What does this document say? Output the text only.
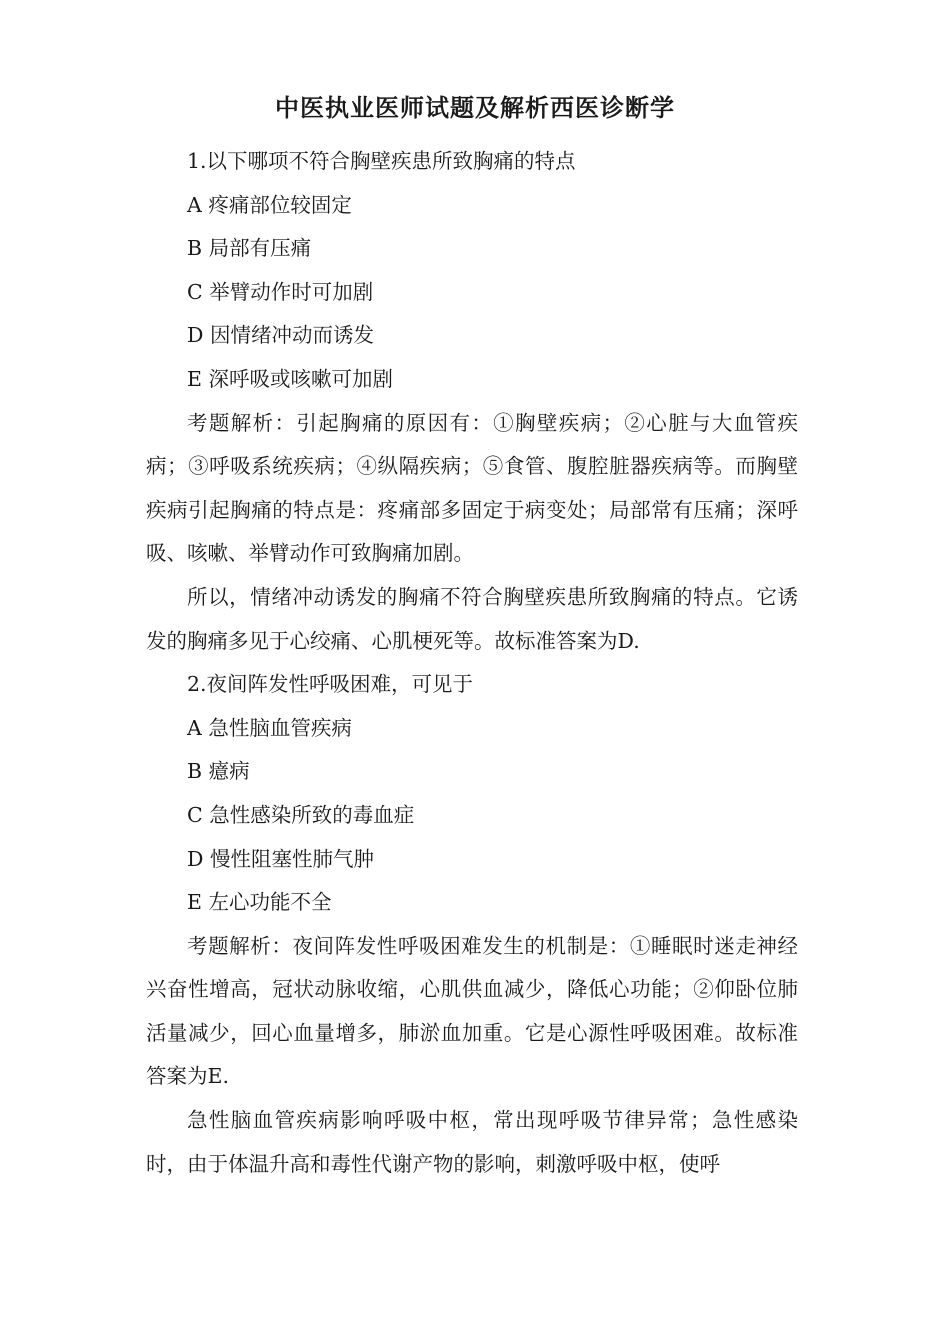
中医执业医师试题及解析西医诊断学

1.以下哪项不符合胸壁疾患所致胸痛的特点

A 疼痛部位较固定

B 局部有压痛

C 举臂动作时可加剧

D 因情绪冲动而诱发

E 深呼吸或咳嗽可加剧

考题解析：引起胸痛的原因有：①胸壁疾病；②心脏与大血管疾病；③呼吸系统疾病；④纵隔疾病；⑤食管、腹腔脏器疾病等。而胸壁疾病引起胸痛的特点是：疼痛部多固定于病变处；局部常有压痛；深呼吸、咳嗽、举臂动作可致胸痛加剧。

所以，情绪冲动诱发的胸痛不符合胸壁疾患所致胸痛的特点。它诱发的胸痛多见于心绞痛、心肌梗死等。故标准答案为D.

2.夜间阵发性呼吸困难，可见于

A 急性脑血管疾病

B 癔病

C 急性感染所致的毒血症

D 慢性阻塞性肺气肿

E 左心功能不全

考题解析：夜间阵发性呼吸困难发生的机制是：①睡眠时迷走神经兴奋性增高，冠状动脉收缩，心肌供血减少，降低心功能；②仰卧位肺活量减少，回心血量增多，肺淤血加重。它是心源性呼吸困难。故标准答案为E.

急性脑血管疾病影响呼吸中枢，常出现呼吸节律异常；急性感染时，由于体温升高和毒性代谢产物的影响，刺激呼吸中枢，使呼
